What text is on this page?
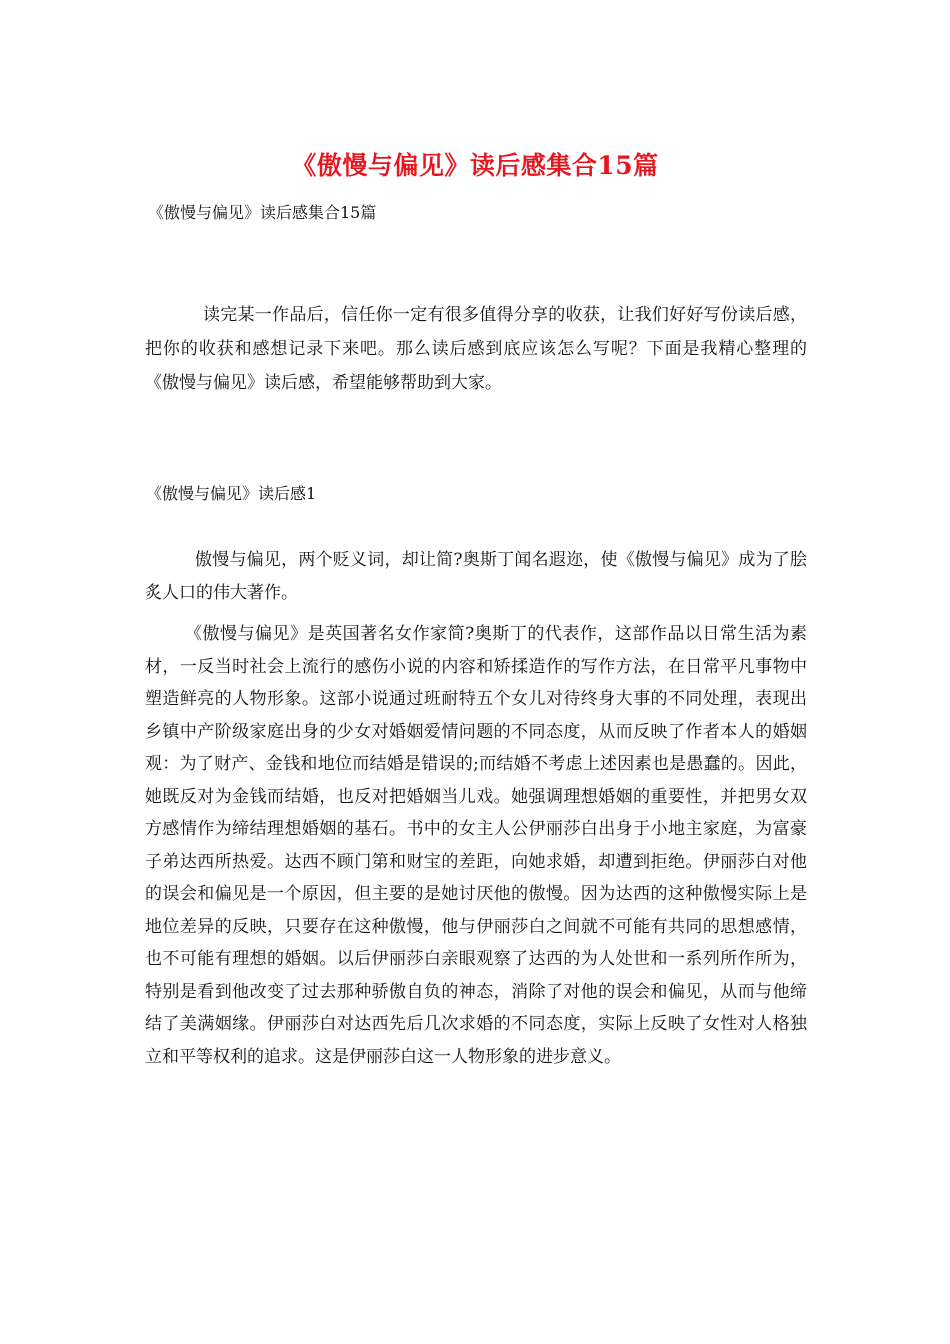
《傲慢与偏见》读后感集合15篇

《傲慢与偏见》读后感集合15篇

读完某一作品后，信任你一定有很多值得分享的收获，让我们好好写份读后感，把你的收获和感想记录下来吧。那么读后感到底应该怎么写呢？下面是我精心整理的《傲慢与偏见》读后感，希望能够帮助到大家。

《傲慢与偏见》读后感1

傲慢与偏见，两个贬义词，却让简?奥斯丁闻名遐迩，使《傲慢与偏见》成为了脍炙人口的伟大著作。

《傲慢与偏见》是英国著名女作家简?奥斯丁的代表作，这部作品以日常生活为素材，一反当时社会上流行的感伤小说的内容和矫揉造作的写作方法，在日常平凡事物中塑造鲜亮的人物形象。这部小说通过班耐特五个女儿对待终身大事的不同处理，表现出乡镇中产阶级家庭出身的少女对婚姻爱情问题的不同态度，从而反映了作者本人的婚姻观：为了财产、金钱和地位而结婚是错误的;而结婚不考虑上述因素也是愚蠢的。因此，她既反对为金钱而结婚，也反对把婚姻当儿戏。她强调理想婚姻的重要性，并把男女双方感情作为缔结理想婚姻的基石。书中的女主人公伊丽莎白出身于小地主家庭，为富豪子弟达西所热爱。达西不顾门第和财宝的差距，向她求婚，却遭到拒绝。伊丽莎白对他的误会和偏见是一个原因，但主要的是她讨厌他的傲慢。因为达西的这种傲慢实际上是地位差异的反映，只要存在这种傲慢，他与伊丽莎白之间就不可能有共同的思想感情，也不可能有理想的婚姻。以后伊丽莎白亲眼观察了达西的为人处世和一系列所作所为，特别是看到他改变了过去那种骄傲自负的神态，消除了对他的误会和偏见，从而与他缔结了美满姻缘。伊丽莎白对达西先后几次求婚的不同态度，实际上反映了女性对人格独立和平等权利的追求。这是伊丽莎白这一人物形象的进步意义。
